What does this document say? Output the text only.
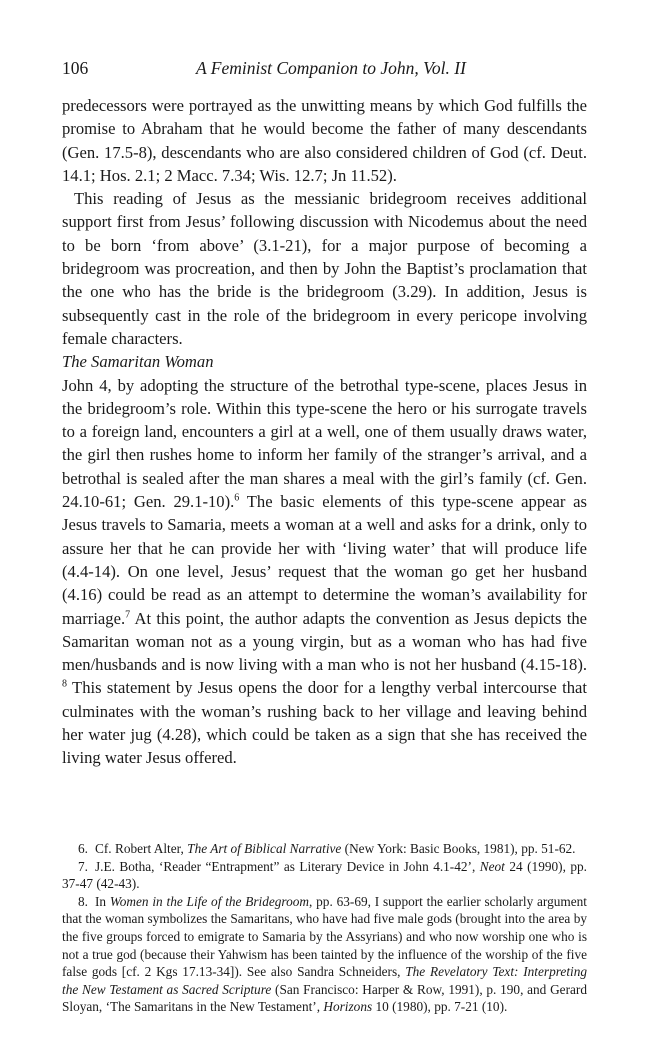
106	A Feminist Companion to John, Vol. II

predecessors were portrayed as the unwitting means by which God fulfills the promise to Abraham that he would become the father of many descendants (Gen. 17.5-8), descendants who are also considered children of God (cf. Deut. 14.1; Hos. 2.1; 2 Macc. 7.34; Wis. 12.7; Jn 11.52).

This reading of Jesus as the messianic bridegroom receives additional support first from Jesus’ following discussion with Nicodemus about the need to be born ‘from above’ (3.1-21), for a major purpose of becoming a bridegroom was procreation, and then by John the Baptist’s proclamation that the one who has the bride is the bridegroom (3.29). In addition, Jesus is subsequently cast in the role of the bridegroom in every pericope involving female characters.

The Samaritan Woman

John 4, by adopting the structure of the betrothal type-scene, places Jesus in the bridegroom’s role. Within this type-scene the hero or his surrogate travels to a foreign land, encounters a girl at a well, one of them usually draws water, the girl then rushes home to inform her family of the stranger’s arrival, and a betrothal is sealed after the man shares a meal with the girl’s family (cf. Gen. 24.10-61; Gen. 29.1-10).$^6$ The basic elements of this type-scene appear as Jesus travels to Samaria, meets a woman at a well and asks for a drink, only to assure her that he can provide her with ‘living water’ that will produce life (4.4-14). On one level, Jesus’ request that the woman go get her husband (4.16) could be read as an attempt to determine the woman’s availability for marriage.$^7$ At this point, the author adapts the convention as Jesus depicts the Samaritan woman not as a young virgin, but as a woman who has had five men/husbands and is now living with a man who is not her husband (4.15-18). $^8$ This statement by Jesus opens the door for a lengthy verbal intercourse that culminates with the woman’s rushing back to her village and leaving behind her water jug (4.28), which could be taken as a sign that she has received the living water Jesus offered.

6. Cf. Robert Alter, The Art of Biblical Narrative (New York: Basic Books, 1981), pp. 51-62.

7. J.E. Botha, ‘Reader “Entrapment” as Literary Device in John 4.1-42’, Neot 24 (1990), pp. 37-47 (42-43).

8. In Women in the Life of the Bridegroom, pp. 63-69, I support the earlier scholarly argument that the woman symbolizes the Samaritans, who have had five male gods (brought into the area by the five groups forced to emigrate to Samaria by the Assyrians) and who now worship one who is not a true god (because their Yahwism has been tainted by the influence of the worship of the five false gods [cf. 2 Kgs 17.13-34]). See also Sandra Schneiders, The Revelatory Text: Interpreting the New Testament as Sacred Scripture (San Francisco: Harper & Row, 1991), p. 190, and Gerard Sloyan, ‘The Samaritans in the New Testament’, Horizons 10 (1980), pp. 7-21 (10).
